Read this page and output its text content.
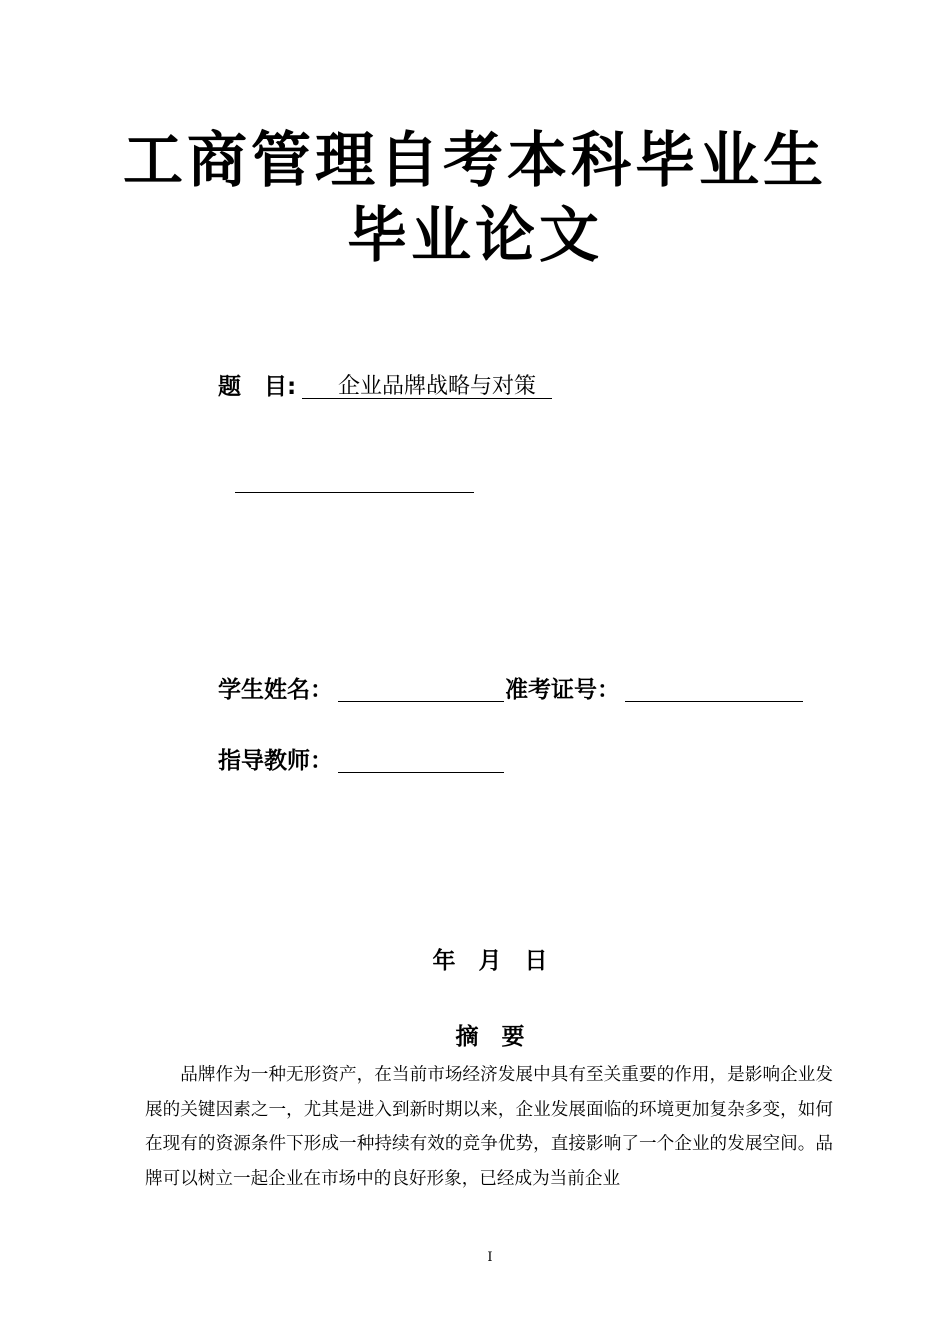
工商管理自考本科毕业生
毕业论文
题　目: 企业品牌战略与对策
学生姓名：	准考证号：
指导教师：
年　月　日
摘　要
品牌作为一种无形资产，在当前市场经济发展中具有至关重要的作用，是影响企业发展的关键因素之一，尤其是进入到新时期以来，企业发展面临的环境更加复杂多变，如何在现有的资源条件下形成一种持续有效的竞争优势，直接影响了一个企业的发展空间。品牌可以树立一起企业在市场中的良好形象，已经成为当前企业
I
